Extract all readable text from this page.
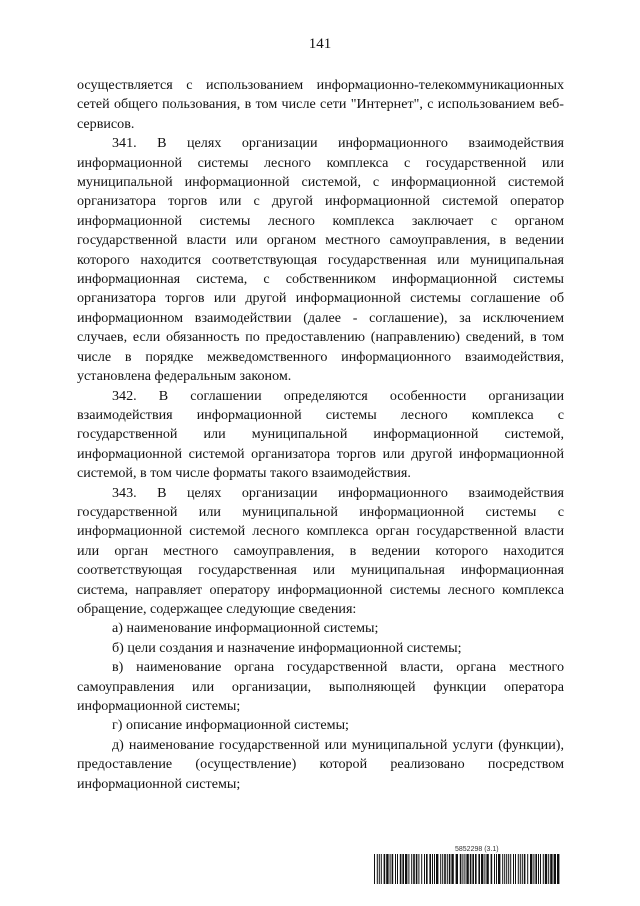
141

осуществляется с использованием информационно-телекоммуникационных сетей общего пользования, в том числе сети "Интернет", с использованием веб-сервисов.

341. В целях организации информационного взаимодействия информационной системы лесного комплекса с государственной или муниципальной информационной системой, с информационной системой организатора торгов или с другой информационной системой оператор информационной системы лесного комплекса заключает с органом государственной власти или органом местного самоуправления, в ведении которого находится соответствующая государственная или муниципальная информационная система, с собственником информационной системы организатора торгов или другой информационной системы соглашение об информационном взаимодействии (далее - соглашение), за исключением случаев, если обязанность по предоставлению (направлению) сведений, в том числе в порядке межведомственного информационного взаимодействия, установлена федеральным законом.

342. В соглашении определяются особенности организации взаимодействия информационной системы лесного комплекса с государственной или муниципальной информационной системой, информационной системой организатора торгов или другой информационной системой, в том числе форматы такого взаимодействия.

343. В целях организации информационного взаимодействия государственной или муниципальной информационной системы с информационной системой лесного комплекса орган государственной власти или орган местного самоуправления, в ведении которого находится соответствующая государственная или муниципальная информационная система, направляет оператору информационной системы лесного комплекса обращение, содержащее следующие сведения:

а) наименование информационной системы;

б) цели создания и назначение информационной системы;

в) наименование органа государственной власти, органа местного самоуправления или организации, выполняющей функции оператора информационной системы;

г) описание информационной системы;

д) наименование государственной или муниципальной услуги (функции), предоставление (осуществление) которой реализовано посредством информационной системы;

5852298 (3.1)
